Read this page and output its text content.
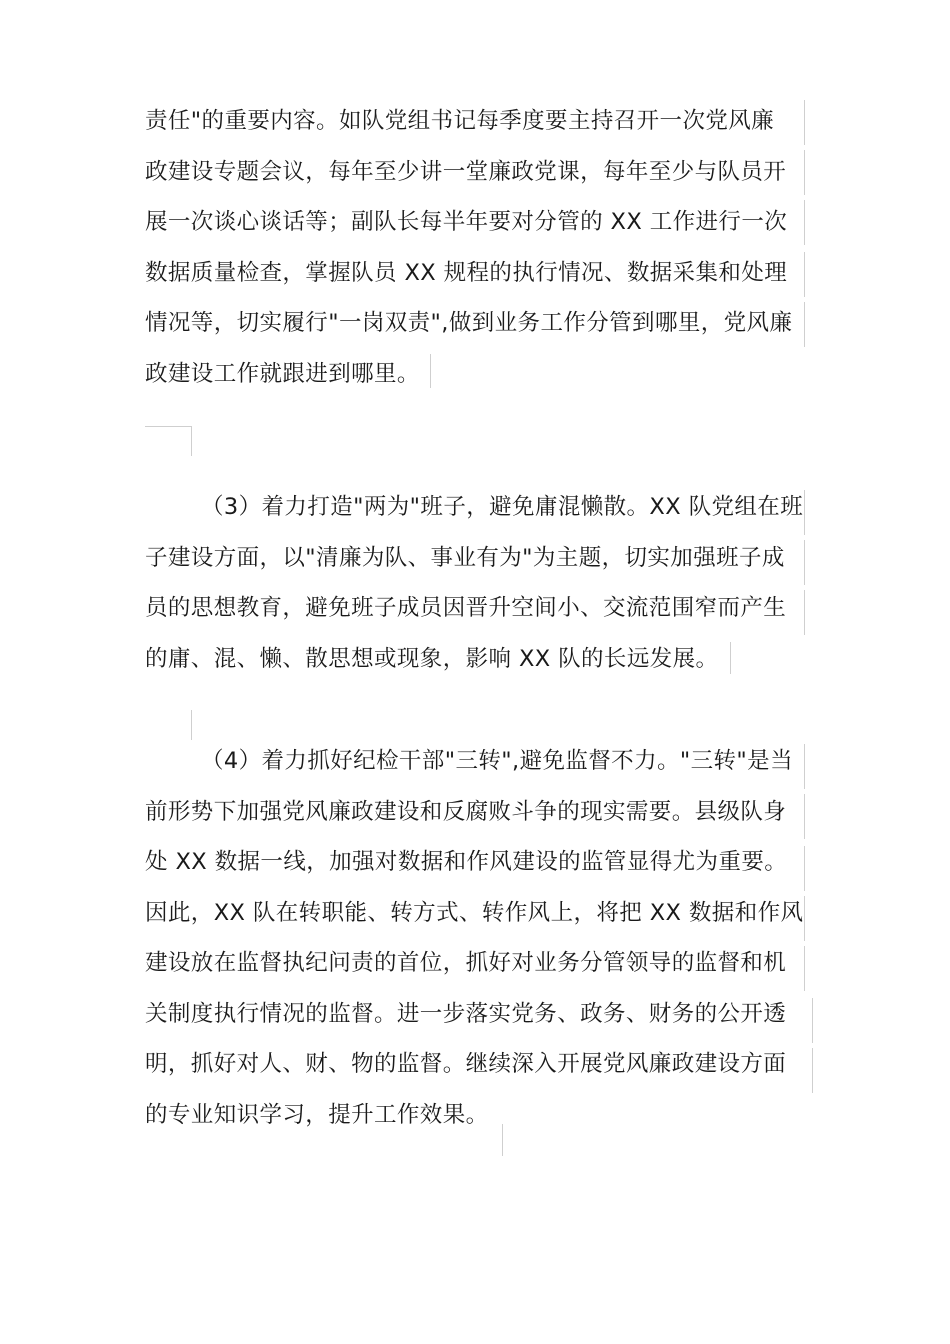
责任"的重要内容。如队党组书记每季度要主持召开一次党风廉
政建设专题会议，每年至少讲一堂廉政党课，每年至少与队员开
展一次谈心谈话等；副队长每半年要对分管的 XX 工作进行一次
数据质量检查，掌握队员 XX 规程的执行情况、数据采集和处理
情况等，切实履行"一岗双责",做到业务工作分管到哪里，党风廉
政建设工作就跟进到哪里。
（3）着力打造"两为"班子，避免庸混懒散。XX 队党组在班
子建设方面，以"清廉为队、事业有为"为主题，切实加强班子成
员的思想教育，避免班子成员因晋升空间小、交流范围窄而产生
的庸、混、懒、散思想或现象，影响 XX 队的长远发展。
（4）着力抓好纪检干部"三转",避免监督不力。"三转"是当
前形势下加强党风廉政建设和反腐败斗争的现实需要。县级队身
处 XX 数据一线，加强对数据和作风建设的监管显得尤为重要。
因此，XX 队在转职能、转方式、转作风上，将把 XX 数据和作风
建设放在监督执纪问责的首位，抓好对业务分管领导的监督和机
关制度执行情况的监督。进一步落实党务、政务、财务的公开透
明，抓好对人、财、物的监督。继续深入开展党风廉政建设方面
的专业知识学习，提升工作效果。
